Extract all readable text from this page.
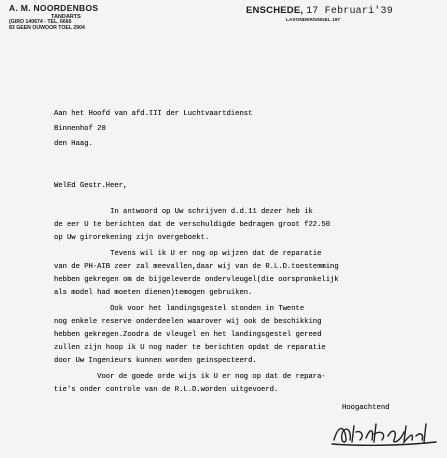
A. M. NOORDENBOS
TANDARTS
(GIRO 140674 - TEL. 6666
83 GEEN OUWOOR TOEL 2904
ENSCHEDE, 17 Februari'39
LASONDERSINGEL 197
Aan het Hoofd van afd.III der Luchtvaartdienst
Binnenhof 20
den Haag.
WelEd Gestr.Heer,
In antwoord op Uw schrijven d.d.11 dezer heb ik
de eer U te berichten dat de verschuldigde bedragen groot f22.50
op Uw girorekening zijn overgeboekt.
Tevens wil ik U er nog op wijzen dat de reparatie
van de PH-AIB zeer zal meevallen,daar wij van de R.L.D.toestemming
hebben gekregen om de bijgeleverde ondervleugel(die oorspronkelijk
als model had moeten dienen)temogen gebruiken.
Ook voor het landingsgestel stonden in Twente
nog enkele reserve onderdeelen waarover wij ook de beschikking
hebben gekregen.Zoodra de vleugel en het landingsgestel gereed
zullen zijn hoop ik U nog nader te berichten opdat de reparatie
door Uw Ingenieurs kunnen worden geinspecteerd.
Voor de goede orde wijs ik U er nog op dat de repara-
tie's onder controle van de R.L.D.worden uitgevoerd.
Hoogachtend
